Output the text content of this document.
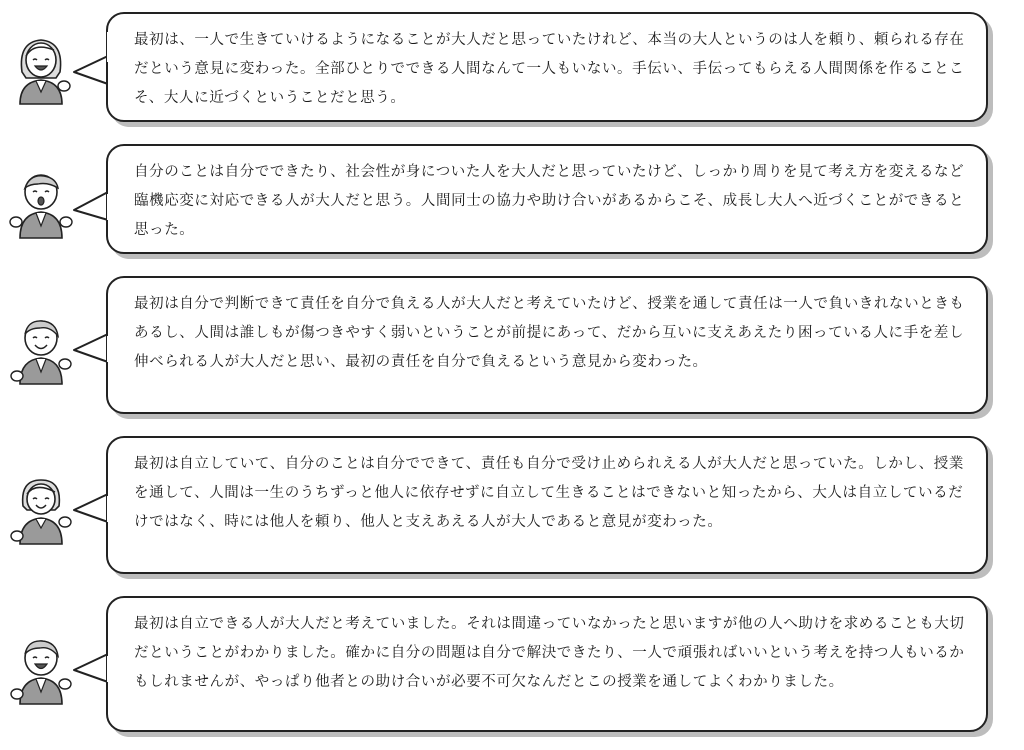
最初は、一人で生きていけるようになることが大人だと思っていたけれど、本当の大人というのは人を頼り、頼られる存在だという意見に変わった。全部ひとりでできる人間なんて一人もいない。手伝い、手伝ってもらえる人間関係を作ることこそ、大人に近づくということだと思う。
自分のことは自分でできたり、社会性が身についた人を大人だと思っていたけど、しっかり周りを見て考え方を変えるなど臨機応変に対応できる人が大人だと思う。人間同士の協力や助け合いがあるからこそ、成長し大人へ近づくことができると思った。
最初は自分で判断できて責任を自分で負える人が大人だと考えていたけど、授業を通して責任は一人で負いきれないときもあるし、人間は誰しもが傷つきやすく弱いということが前提にあって、だから互いに支えあえたり困っている人に手を差し伸べられる人が大人だと思い、最初の責任を自分で負えるという意見から変わった。
最初は自立していて、自分のことは自分でできて、責任も自分で受け止められえる人が大人だと思っていた。しかし、授業を通して、人間は一生のうちずっと他人に依存せずに自立して生きることはできないと知ったから、大人は自立しているだけではなく、時には他人を頼り、他人と支えあえる人が大人であると意見が変わった。
最初は自立できる人が大人だと考えていました。それは間違っていなかったと思いますが他の人へ助けを求めることも大切だということがわかりました。確かに自分の問題は自分で解決できたり、一人で頑張ればいいという考えを持つ人もいるかもしれませんが、やっぱり他者との助け合いが必要不可欠なんだとこの授業を通してよくわかりました。
